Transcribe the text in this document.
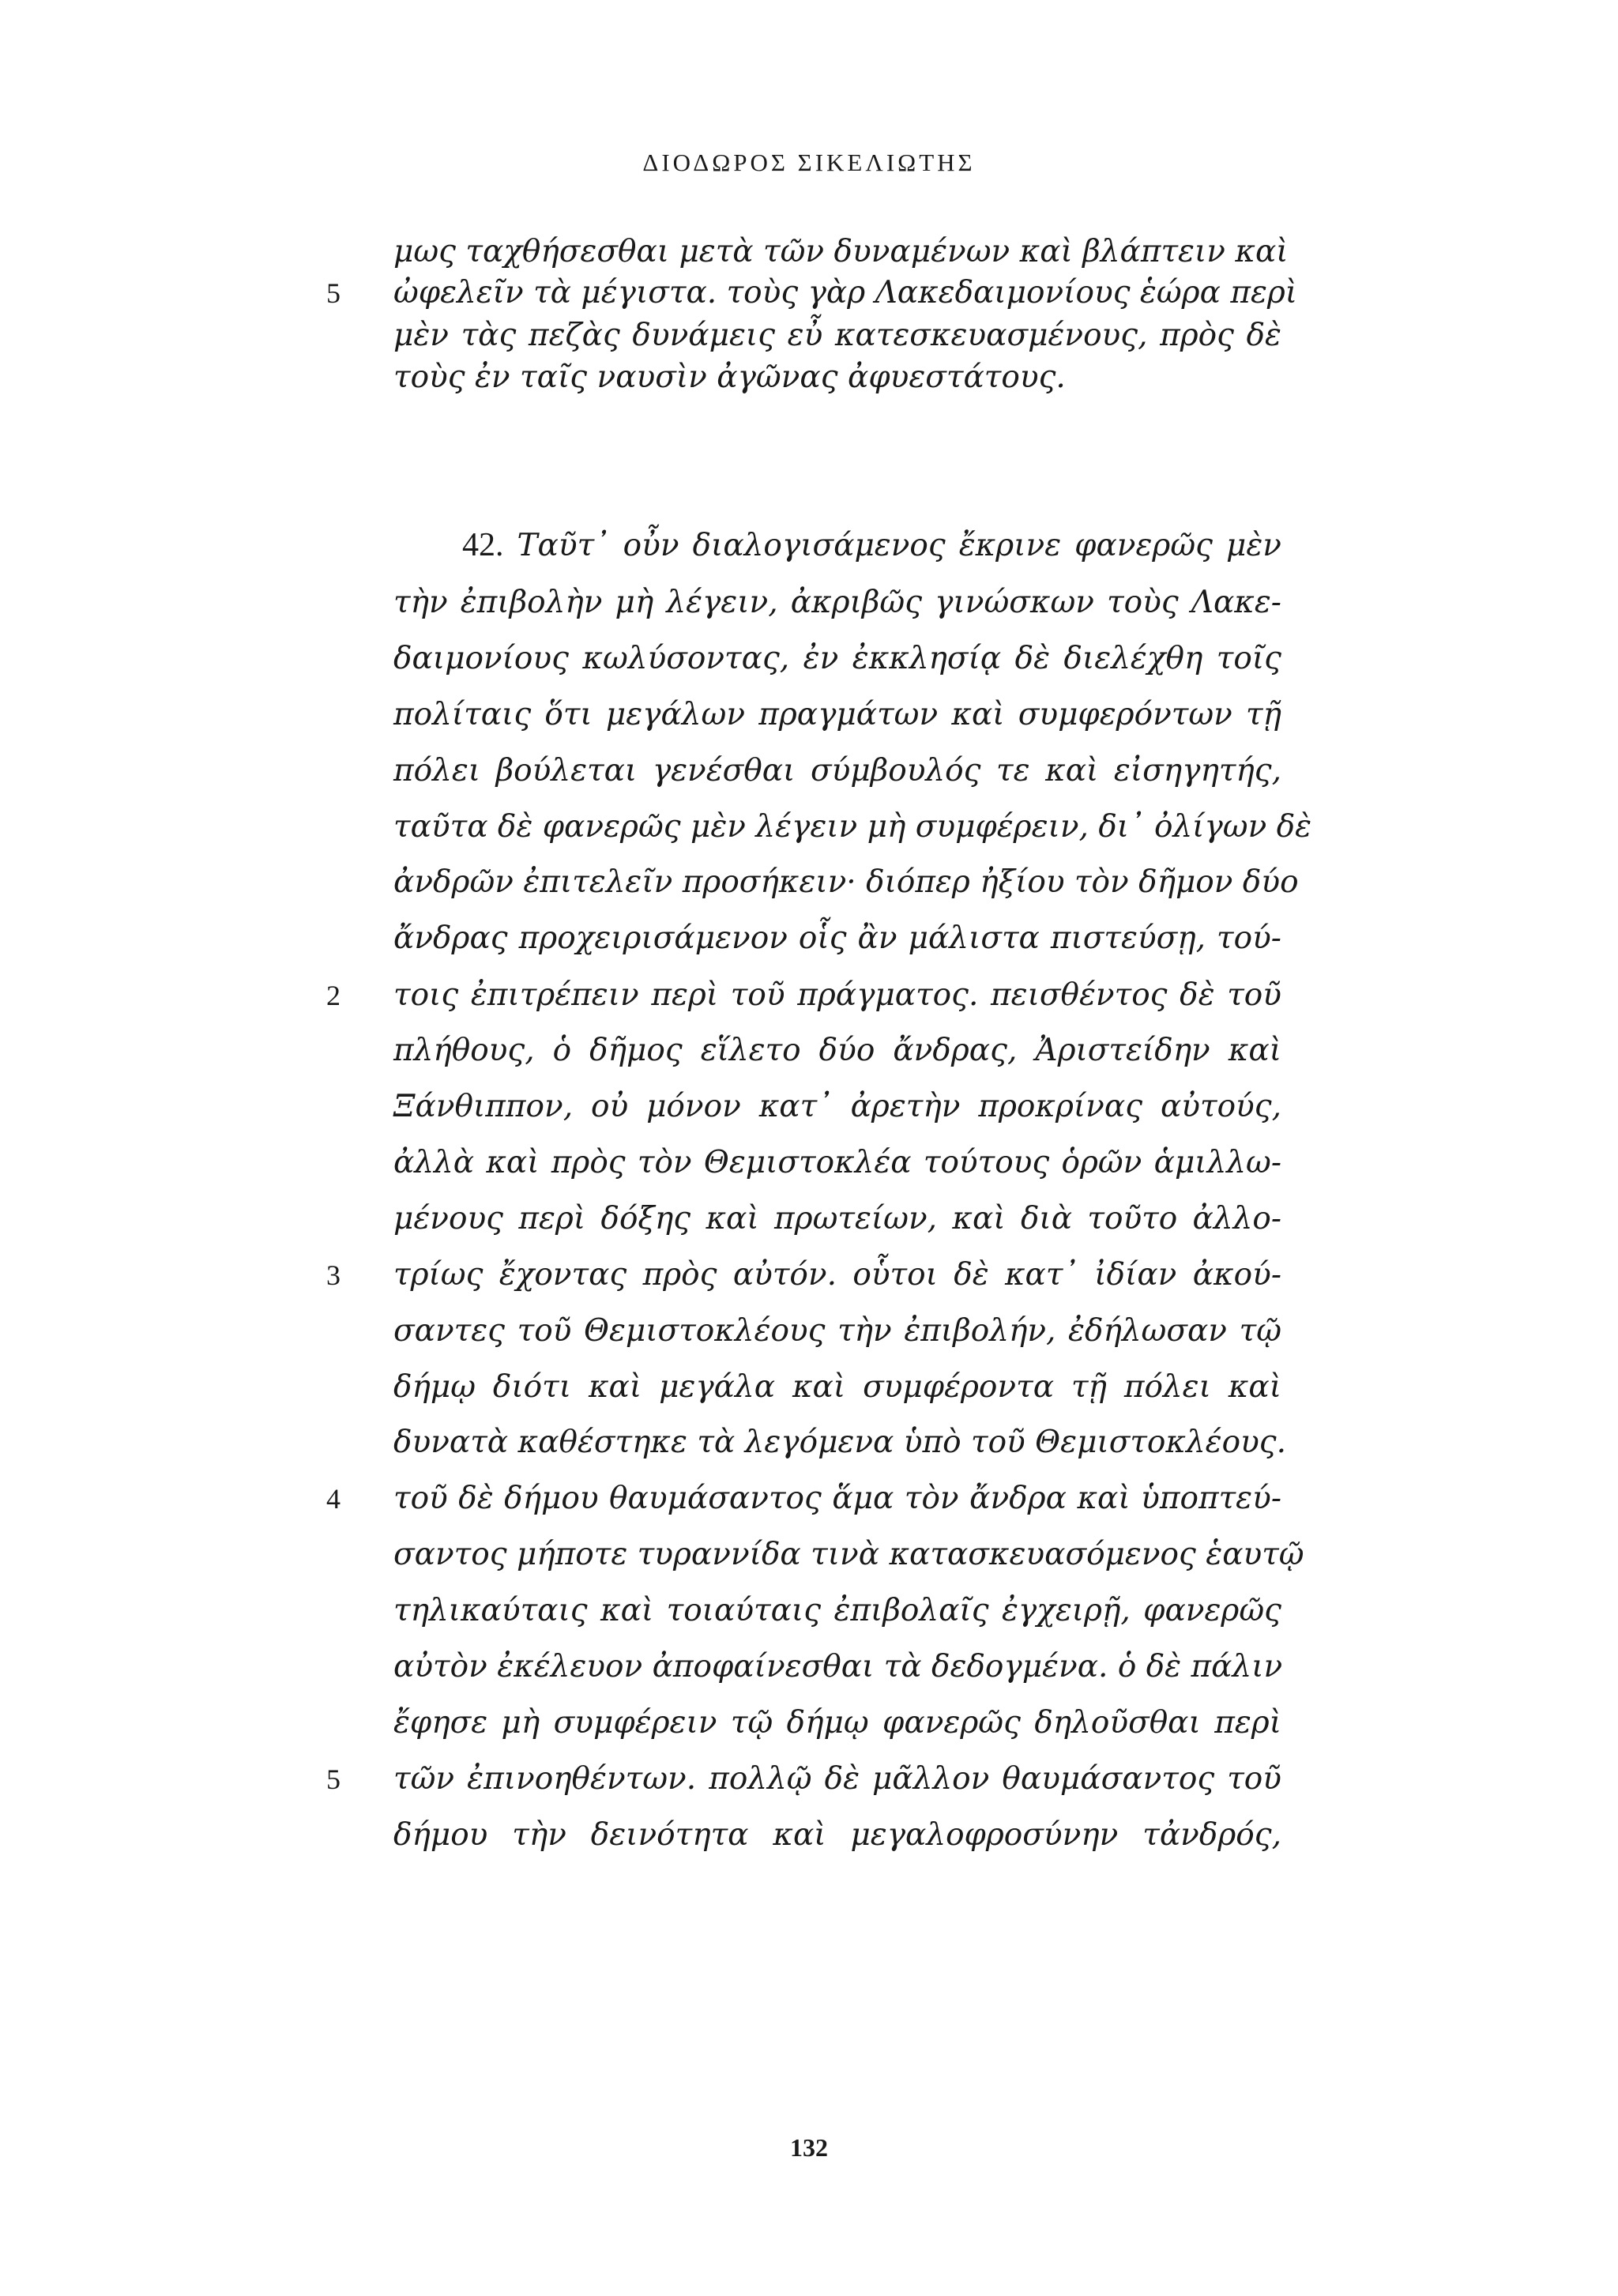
ΔΙΟΔΩΡΟΣ ΣΙΚΕΛΙΩΤΗΣ
μως ταχθήσεσθαι μετὰ τῶν δυναμένων καὶ βλάπτειν καὶ
5 ὠφελεῖν τὰ μέγιστα. τοὺς γὰρ Λακεδαιμονίους ἑώρα περὶ
μὲν τὰς πεζὰς δυνάμεις εὖ κατεσκευασμένους, πρὸς δὲ
τοὺς ἐν ταῖς ναυσὶν ἀγῶνας ἀφυεστάτους.
42. Ταῦτ᾽ οὖν διαλογισάμενος ἔκρινε φανερῶς μὲν
τὴν ἐπιβολὴν μὴ λέγειν, ἀκριβῶς γινώσκων τοὺς Λακε-
δαιμονίους κωλύσοντας, ἐν ἐκκλησίᾳ δὲ διελέχθη τοῖς
πολίταις ὅτι μεγάλων πραγμάτων καὶ συμφερόντων τῇ
πόλει βούλεται γενέσθαι σύμβουλός τε καὶ εἰσηγητής,
ταῦτα δὲ φανερῶς μὲν λέγειν μὴ συμφέρειν, δι᾽ ὀλίγων δὲ
ἀνδρῶν ἐπιτελεῖν προσήκειν· διόπερ ἠξίου τὸν δῆμον δύο
ἄνδρας προχειρισάμενον οἷς ἂν μάλιστα πιστεύσῃ, τού-
2 τοις ἐπιτρέπειν περὶ τοῦ πράγματος. πεισθέντος δὲ τοῦ
πλήθους, ὁ δῆμος εἵλετο δύο ἄνδρας, Ἀριστείδην καὶ
Ξάνθιππον, οὐ μόνον κατ᾽ ἀρετὴν προκρίνας αὐτούς,
ἀλλὰ καὶ πρὸς τὸν Θεμιστοκλέα τούτους ὁρῶν ἁμιλλω-
μένους περὶ δόξης καὶ πρωτείων, καὶ διὰ τοῦτο ἀλλο-
3 τρίως ἔχοντας πρὸς αὐτόν. οὗτοι δὲ κατ᾽ ἰδίαν ἀκού-
σαντες τοῦ Θεμιστοκλέους τὴν ἐπιβολήν, ἐδήλωσαν τῷ
δήμῳ διότι καὶ μεγάλα καὶ συμφέροντα τῇ πόλει καὶ
δυνατὰ καθέστηκε τὰ λεγόμενα ὑπὸ τοῦ Θεμιστοκλέους.
4 τοῦ δὲ δήμου θαυμάσαντος ἅμα τὸν ἄνδρα καὶ ὑποπτεύ-
σαντος μήποτε τυραννίδα τινὰ κατασκευασόμενος ἑαυτῷ
τηλικαύταις καὶ τοιαύταις ἐπιβολαῖς ἐγχειρῇ, φανερῶς
αὐτὸν ἐκέλευον ἀποφαίνεσθαι τὰ δεδογμένα. ὁ δὲ πάλιν
ἔφησε μὴ συμφέρειν τῷ δήμῳ φανερῶς δηλοῦσθαι περὶ
5 τῶν ἐπινοηθέντων. πολλῷ δὲ μᾶλλον θαυμάσαντος τοῦ
δήμου τὴν δεινότητα καὶ μεγαλοφροσύνην τἀνδρός,
132
